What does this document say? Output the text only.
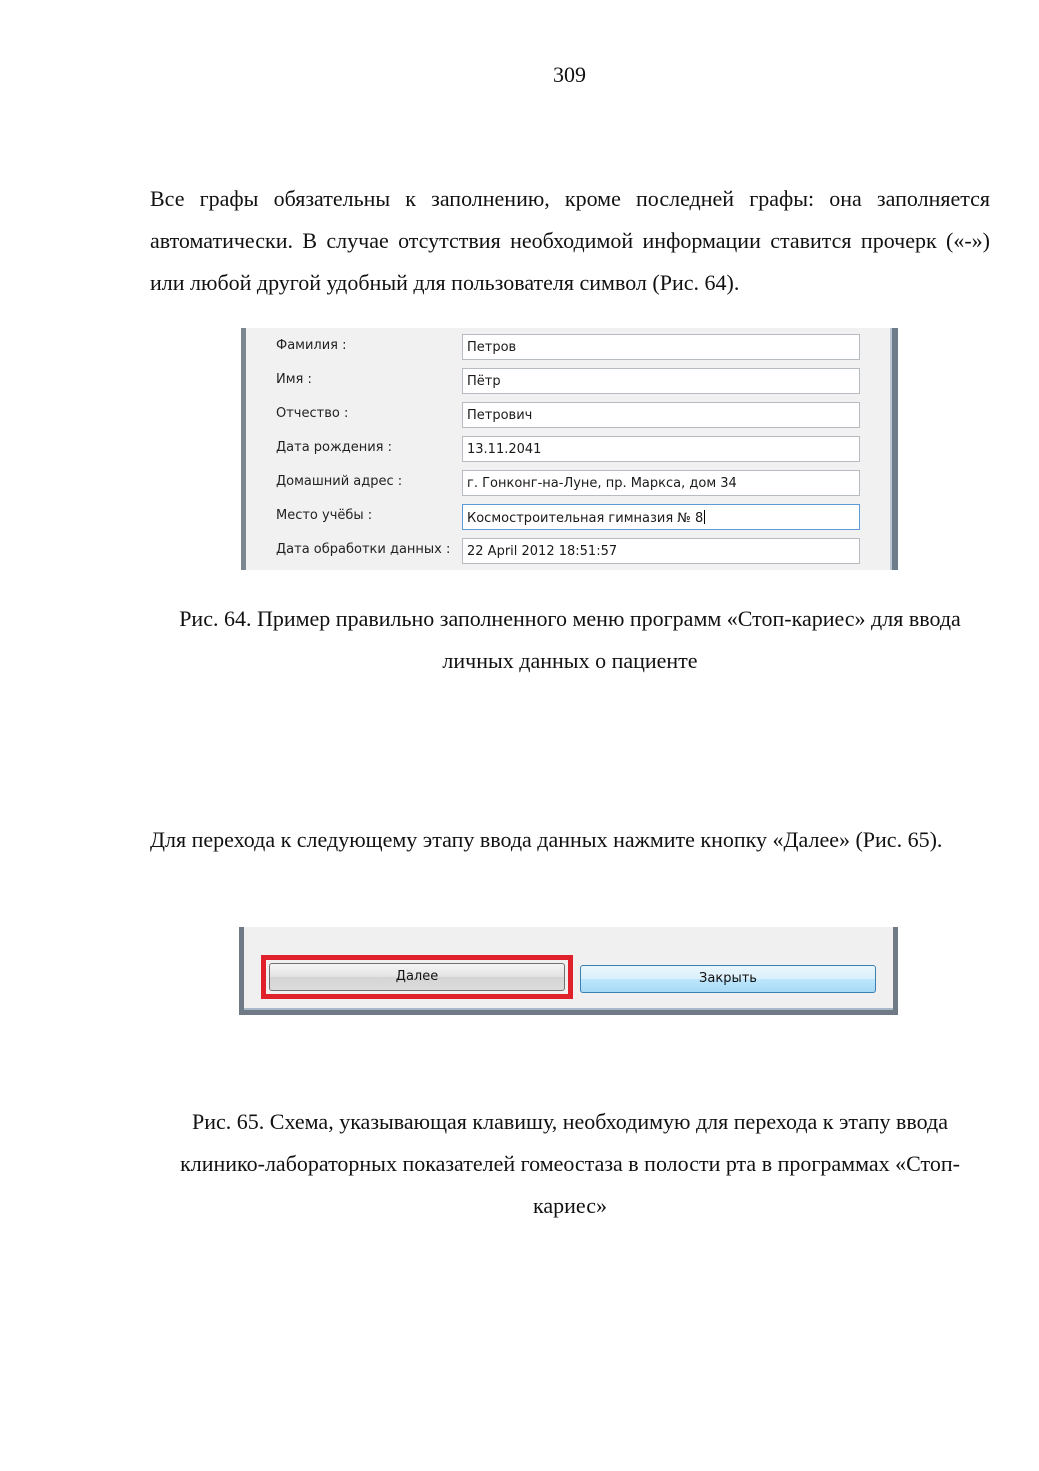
309

Все графы обязательны к заполнению, кроме последней графы: она заполняется автоматически. В случае отсутствия необходимой информации ставится прочерк («-») или любой другой удобный для пользователя символ (Рис. 64).

Фамилия :	Петров
Имя :	Пётр
Отчество :	Петрович
Дата рождения :	13.11.2041
Домашний адрес :	г. Гонконг-на-Луне, пр. Маркса, дом 34
Место учёбы :	Космостроительная гимназия № 8
Дата обработки данных :	22 April 2012 18:51:57

Рис. 64. Пример правильно заполненного меню программ «Стоп-кариес» для ввода личных данных о пациенте

Для перехода к следующему этапу ввода данных нажмите кнопку «Далее» (Рис. 65).

Далее	Закрыть

Рис. 65. Схема, указывающая клавишу, необходимую для перехода к этапу ввода клинико-лабораторных показателей гомеостаза в полости рта в программах «Стоп-кариес»
